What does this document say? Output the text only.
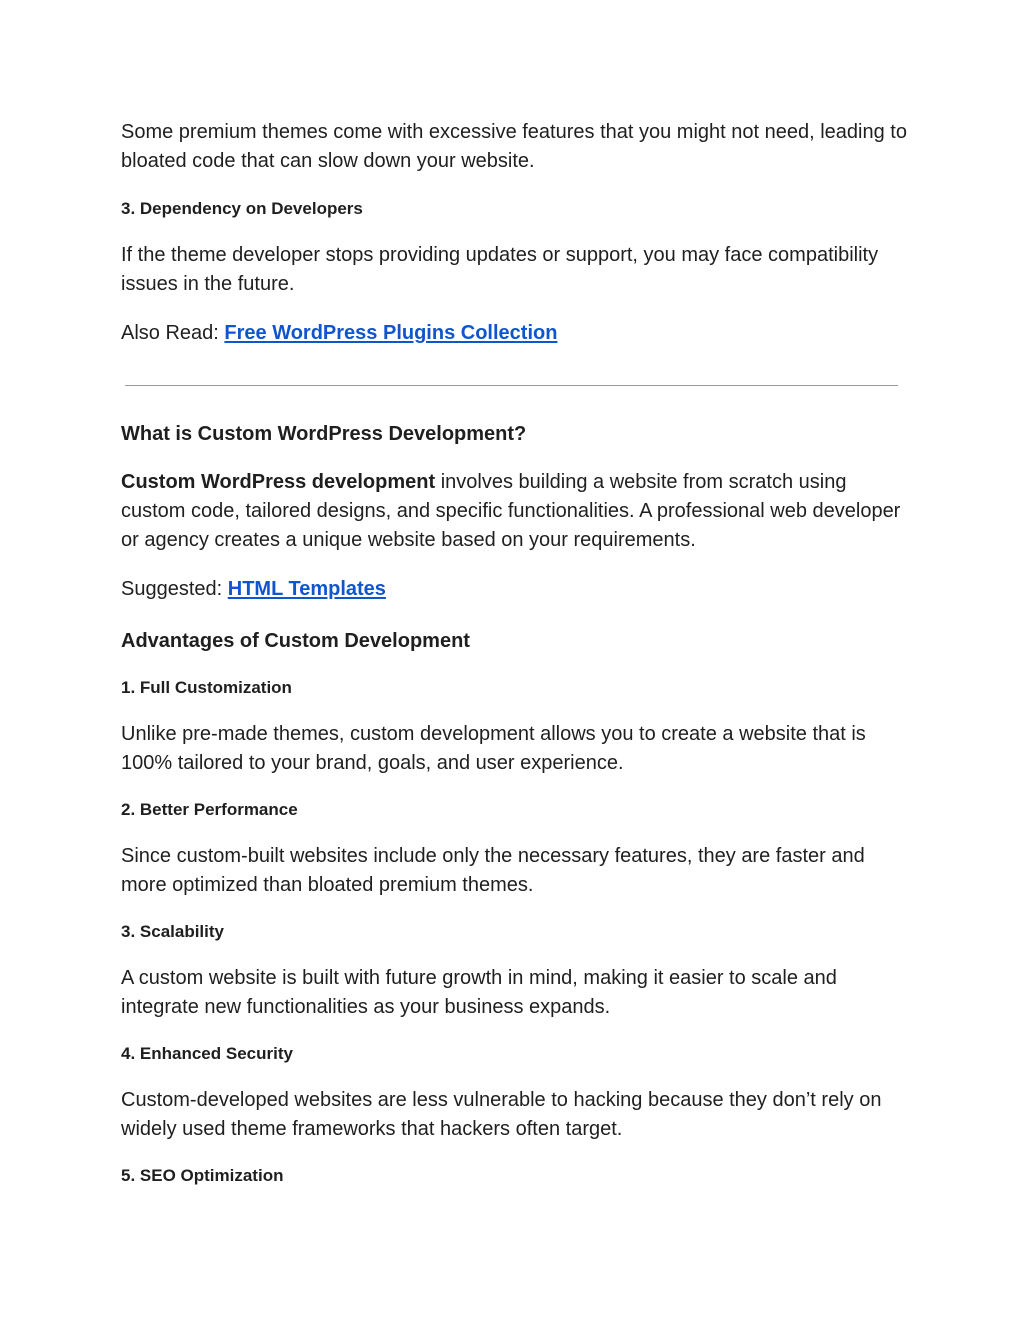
Some premium themes come with excessive features that you might not need, leading to bloated code that can slow down your website.

3. Dependency on Developers

If the theme developer stops providing updates or support, you may face compatibility issues in the future.

Also Read: Free WordPress Plugins Collection

What is Custom WordPress Development?

Custom WordPress development involves building a website from scratch using custom code, tailored designs, and specific functionalities. A professional web developer or agency creates a unique website based on your requirements.

Suggested: HTML Templates

Advantages of Custom Development
1. Full Customization

Unlike pre-made themes, custom development allows you to create a website that is 100% tailored to your brand, goals, and user experience.

2. Better Performance

Since custom-built websites include only the necessary features, they are faster and more optimized than bloated premium themes.

3. Scalability

A custom website is built with future growth in mind, making it easier to scale and integrate new functionalities as your business expands.

4. Enhanced Security

Custom-developed websites are less vulnerable to hacking because they don’t rely on widely used theme frameworks that hackers often target.

5. SEO Optimization
